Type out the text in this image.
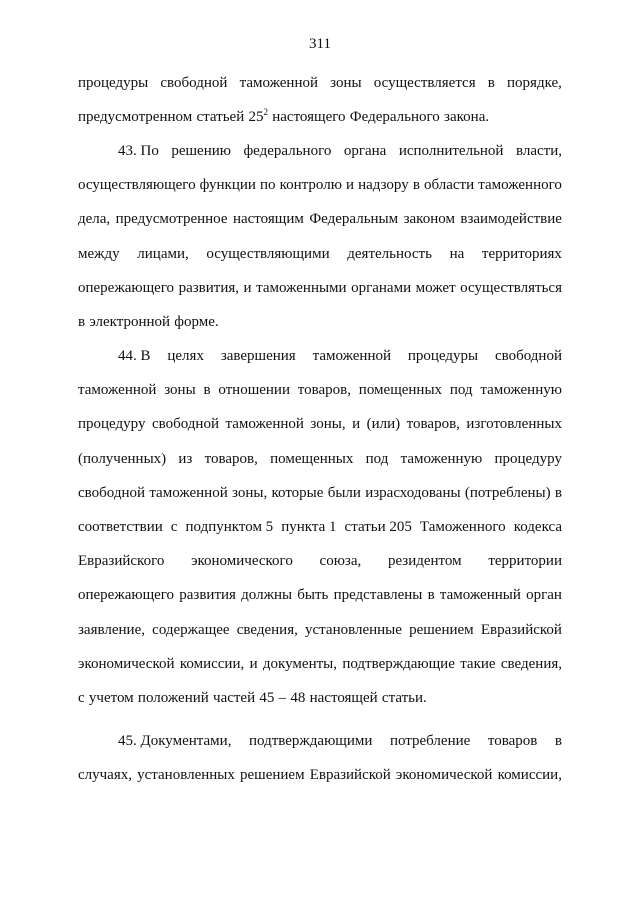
311
процедуры свободной таможенной зоны осуществляется в порядке,
предусмотренном статьей $25^2$ настоящего Федерального закона.
43. По решению федерального органа исполнительной власти,
осуществляющего функции по контролю и надзору в области таможенного
дела, предусмотренное настоящим Федеральным законом взаимодействие
между лицами, осуществляющими деятельность на территориях
опережающего развития, и таможенными органами может осуществляться
в электронной форме.
44. В целях завершения таможенной процедуры свободной
таможенной зоны в отношении товаров, помещенных под таможенную
процедуру свободной таможенной зоны, и (или) товаров, изготовленных
(полученных) из товаров, помещенных под таможенную процедуру
свободной таможенной зоны, которые были израсходованы (потреблены) в
соответствии с подпунктом 5 пункта 1 статьи 205 Таможенного кодекса
Евразийского экономического союза, резидентом территории
опережающего развития должны быть представлены в таможенный орган
заявление, содержащее сведения, установленные решением Евразийской
экономической комиссии, и документы, подтверждающие такие сведения,
с учетом положений частей 45 – 48 настоящей статьи.
45. Документами, подтверждающими потребление товаров в
случаях, установленных решением Евразийской экономической комиссии,
